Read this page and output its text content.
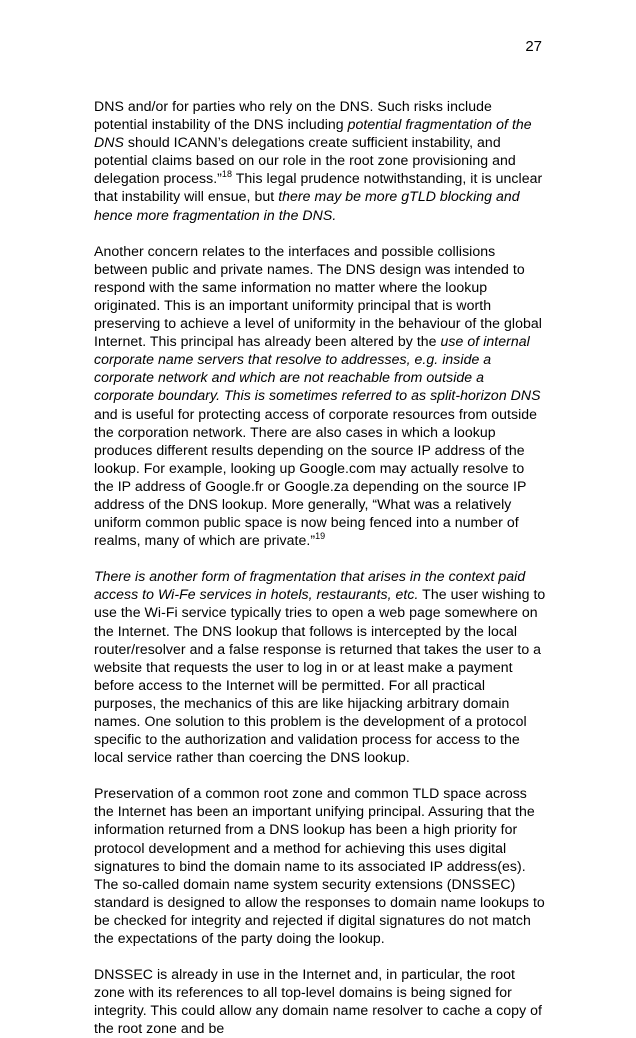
27

DNS and/or for parties who rely on the DNS. Such risks include potential instability of the DNS including potential fragmentation of the DNS should ICANN’s delegations create sufficient instability, and potential claims based on our role in the root zone provisioning and delegation process.”$^{18}$ This legal prudence notwithstanding, it is unclear that instability will ensue, but there may be more gTLD blocking and hence more fragmentation in the DNS.

Another concern relates to the interfaces and possible collisions between public and private names. The DNS design was intended to respond with the same information no matter where the lookup originated. This is an important uniformity principal that is worth preserving to achieve a level of uniformity in the behaviour of the global Internet. This principal has already been altered by the use of internal corporate name servers that resolve to addresses, e.g. inside a corporate network and which are not reachable from outside a corporate boundary. This is sometimes referred to as split-horizon DNS and is useful for protecting access of corporate resources from outside the corporation network. There are also cases in which a lookup produces different results depending on the source IP address of the lookup. For example, looking up Google.com may actually resolve to the IP address of Google.fr or Google.za depending on the source IP address of the DNS lookup. More generally, “What was a relatively uniform common public space is now being fenced into a number of realms, many of which are private.”$^{19}$

There is another form of fragmentation that arises in the context paid access to Wi-Fe services in hotels, restaurants, etc. The user wishing to use the Wi-Fi service typically tries to open a web page somewhere on the Internet. The DNS lookup that follows is intercepted by the local router/resolver and a false response is returned that takes the user to a website that requests the user to log in or at least make a payment before access to the Internet will be permitted. For all practical purposes, the mechanics of this are like hijacking arbitrary domain names. One solution to this problem is the development of a protocol specific to the authorization and validation process for access to the local service rather than coercing the DNS lookup.

Preservation of a common root zone and common TLD space across the Internet has been an important unifying principal. Assuring that the information returned from a DNS lookup has been a high priority for protocol development and a method for achieving this uses digital signatures to bind the domain name to its associated IP address(es). The so-called domain name system security extensions (DNSSEC) standard is designed to allow the responses to domain name lookups to be checked for integrity and rejected if digital signatures do not match the expectations of the party doing the lookup.

DNSSEC is already in use in the Internet and, in particular, the root zone with its references to all top-level domains is being signed for integrity. This could allow any domain name resolver to cache a copy of the root zone and be
